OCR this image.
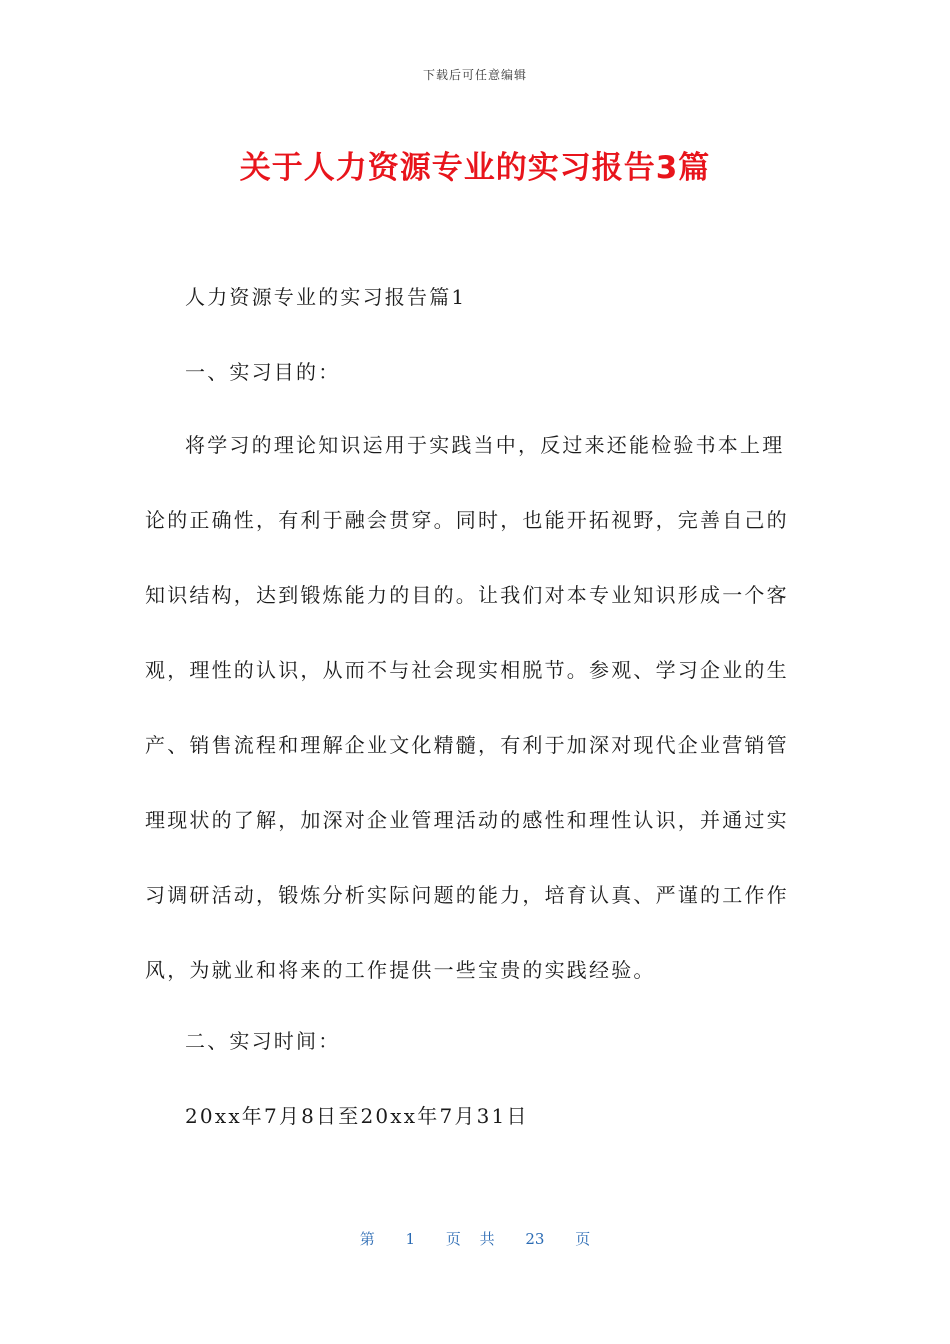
下载后可任意编辑
关于人力资源专业的实习报告3篇

人力资源专业的实习报告篇1

一、实习目的：

将学习的理论知识运用于实践当中，反过来还能检验书本上理论的正确性，有利于融会贯穿。同时，也能开拓视野，完善自己的知识结构，达到锻炼能力的目的。让我们对本专业知识形成一个客观，理性的认识，从而不与社会现实相脱节。参观、学习企业的生产、销售流程和理解企业文化精髓，有利于加深对现代企业营销管理现状的了解，加深对企业管理活动的感性和理性认识，并通过实习调研活动，锻炼分析实际问题的能力，培育认真、严谨的工作作风，为就业和将来的工作提供一些宝贵的实践经验。

二、实习时间：

20xx年7月8日至20xx年7月31日

第 1 页 共 23 页
